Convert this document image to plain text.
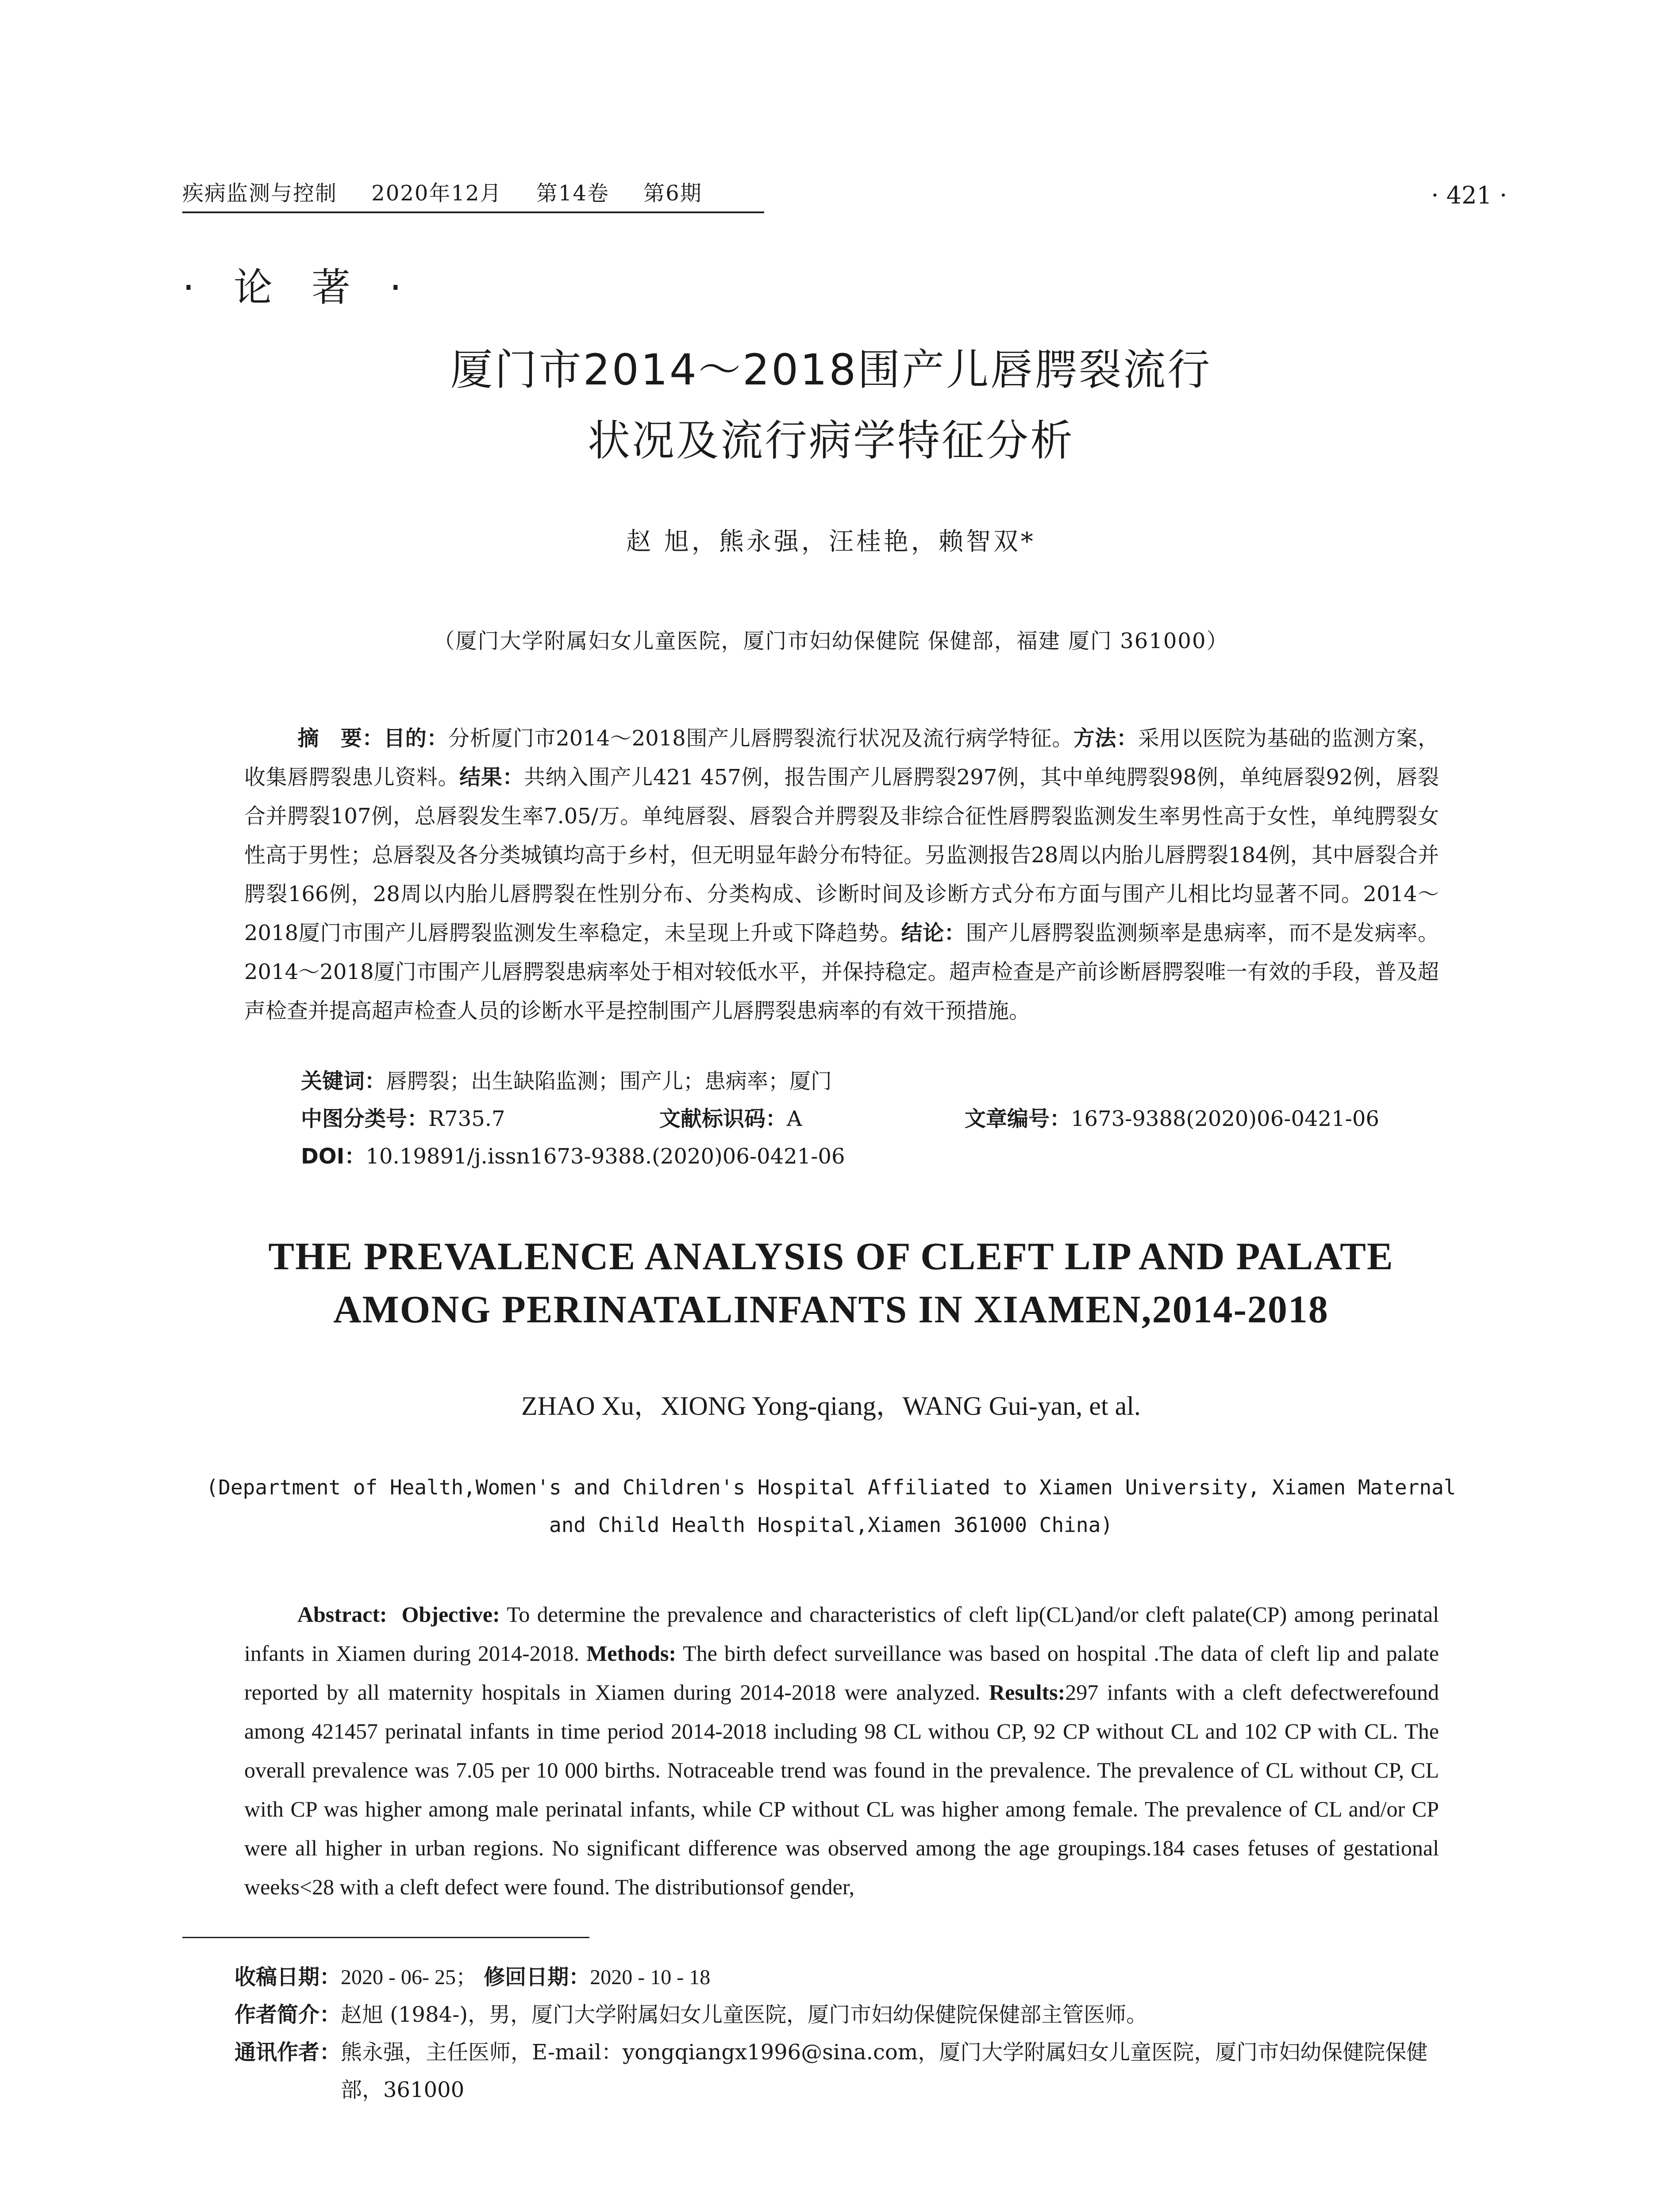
疾病监测与控制 2020年12月 第14卷 第6期	· 421 ·
· 论 著 ·
厦门市2014～2018围产儿唇腭裂流行
状况及流行病学特征分析
赵 旭，熊永强，汪桂艳，赖智双*
（厦门大学附属妇女儿童医院，厦门市妇幼保健院 保健部，福建 厦门 361000）
摘　要：目的：分析厦门市2014～2018围产儿唇腭裂流行状况及流行病学特征。方法：采用以医院为基础的监测方案，收集唇腭裂患儿资料。结果：共纳入围产儿421 457例，报告围产儿唇腭裂297例，其中单纯腭裂98例，单纯唇裂92例，唇裂合并腭裂107例，总唇裂发生率7.05/万。单纯唇裂、唇裂合并腭裂及非综合征性唇腭裂监测发生率男性高于女性，单纯腭裂女性高于男性；总唇裂及各分类城镇均高于乡村，但无明显年龄分布特征。另监测报告28周以内胎儿唇腭裂184例，其中唇裂合并腭裂166例，28周以内胎儿唇腭裂在性别分布、分类构成、诊断时间及诊断方式分布方面与围产儿相比均显著不同。2014～2018厦门市围产儿唇腭裂监测发生率稳定，未呈现上升或下降趋势。结论：围产儿唇腭裂监测频率是患病率，而不是发病率。2014～2018厦门市围产儿唇腭裂患病率处于相对较低水平，并保持稳定。超声检查是产前诊断唇腭裂唯一有效的手段，普及超声检查并提高超声检查人员的诊断水平是控制围产儿唇腭裂患病率的有效干预措施。
关键词：唇腭裂；出生缺陷监测；围产儿；患病率；厦门
中图分类号：R735.7	文献标识码：A	文章编号：1673-9388(2020)06-0421-06
DOI：10.19891/j.issn1673-9388.(2020)06-0421-06
THE PREVALENCE ANALYSIS OF CLEFT LIP AND PALATE
AMONG PERINATALINFANTS IN XIAMEN,2014-2018
ZHAO Xu，XIONG Yong-qiang，WANG Gui-yan, et al.
(Department of Health,Women's and Children's Hospital Affiliated to Xiamen University, Xiamen Maternal
and Child Health Hospital,Xiamen 361000 China)
Abstract: Objective: To determine the prevalence and characteristics of cleft lip(CL)and/or cleft palate(CP) among perinatal infants in Xiamen during 2014-2018. Methods: The birth defect surveillance was based on hospital .The data of cleft lip and palate reported by all maternity hospitals in Xiamen during 2014-2018 were analyzed. Results:297 infants with a cleft defectwerefound among 421457 perinatal infants in time period 2014-2018 including 98 CL withou CP, 92 CP without CL and 102 CP with CL. The overall prevalence was 7.05 per 10 000 births. Notraceable trend was found in the prevalence. The prevalence of CL without CP, CL with CP was higher among male perinatal infants, while CP without CL was higher among female. The prevalence of CL and/or CP were all higher in urban regions. No significant difference was observed among the age groupings.184 cases fetuses of gestational weeks<28 with a cleft defect were found. The distributionsof gender,
收稿日期：2020 - 06- 25； 修回日期：2020 - 10 - 18
作者简介：赵旭 (1984-)，男，厦门大学附属妇女儿童医院，厦门市妇幼保健院保健部主管医师。
通讯作者：熊永强，主任医师，E-mail：yongqiangx1996@sina.com，厦门大学附属妇女儿童医院，厦门市妇幼保健院保健
部，361000
